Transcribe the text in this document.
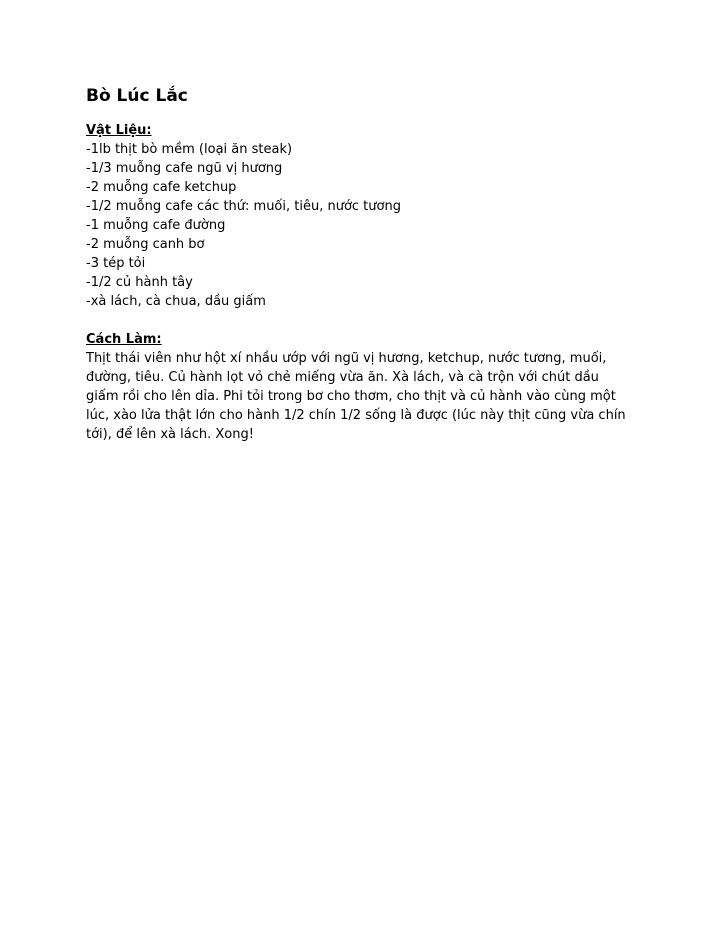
Bò Lúc Lắc
Vật Liệu:
-1lb thịt bò mềm (loại ăn steak)
-1/3 muỗng cafe ngũ vị hương
-2 muỗng cafe ketchup
-1/2 muỗng cafe các thứ: muối, tiêu, nước tương
-1 muỗng cafe đường
-2 muỗng canh bơ
-3 tép tỏi
-1/2 củ hành tây
-xà lách, cà chua, dầu giấm
Cách Làm:
Thịt thái viên như hột xí nhầu ướp với ngũ vị hương, ketchup, nước tương, muối,
đường, tiêu. Củ hành lọt vỏ chẻ miếng vừa ăn. Xà lách, và cà trộn với chút dầu
giấm rồi cho lên dỉa. Phi tỏi trong bơ cho thơm, cho thịt và củ hành vào cùng một
lúc, xào lửa thật lớn cho hành 1/2 chín 1/2 sống là được (lúc này thịt cũng vừa chín
tới), để lên xà lách. Xong!
